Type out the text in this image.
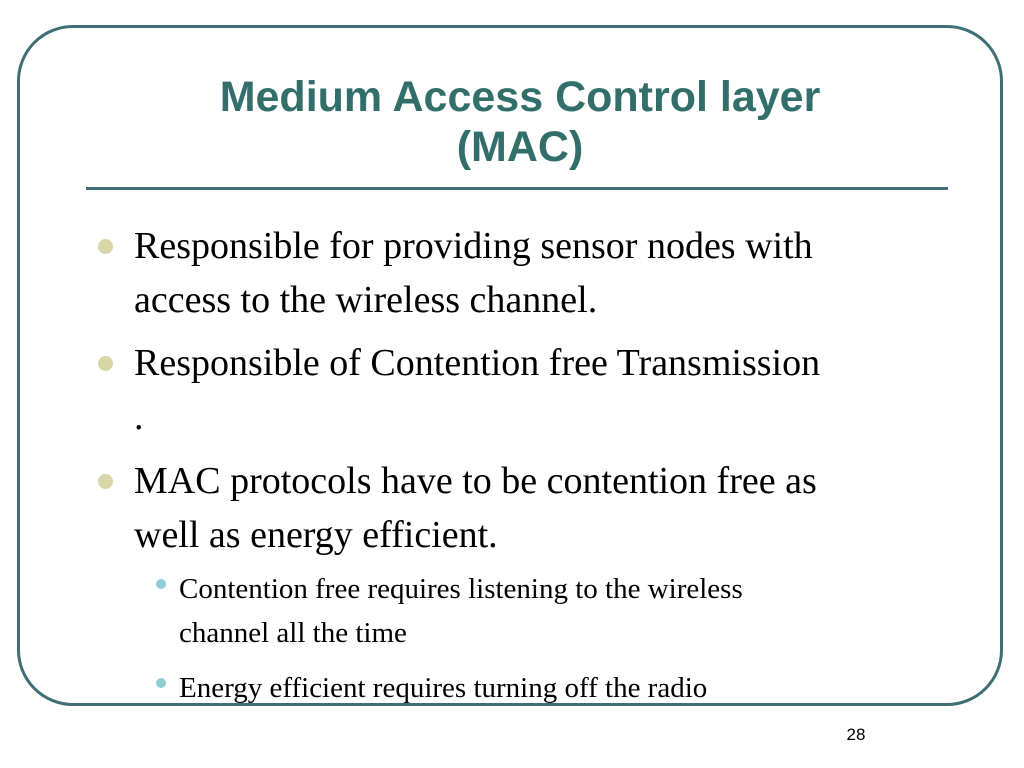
Medium Access Control layer
(MAC)
Responsible for providing sensor nodes with
access to the wireless channel.
Responsible of Contention free Transmission
.
MAC protocols have to be contention free as
well as energy efficient.
Contention free requires listening to the wireless
channel all the time
Energy efficient requires turning off the radio
28
